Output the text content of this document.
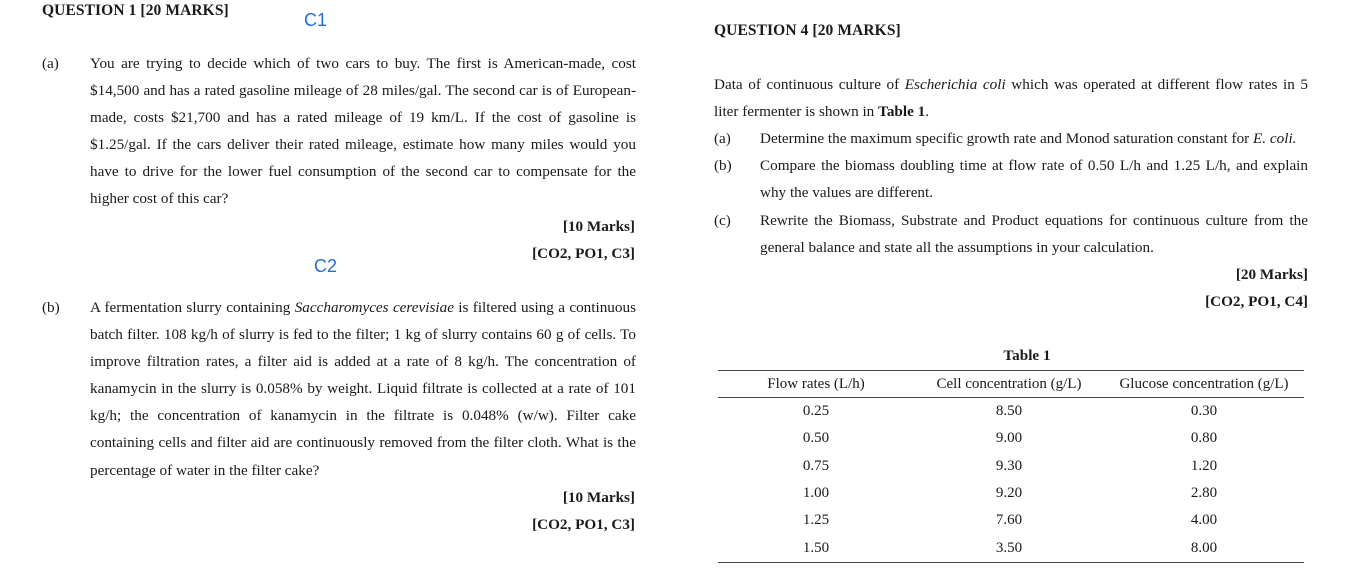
QUESTION 1 [20 MARKS]	C1
(a) You are trying to decide which of two cars to buy. The first is American-made, cost $14,500 and has a rated gasoline mileage of 28 miles/gal. The second car is of European-made, costs $21,700 and has a rated mileage of 19 km/L. If the cost of gasoline is $1.25/gal. If the cars deliver their rated mileage, estimate how many miles would you have to drive for the lower fuel consumption of the second car to compensate for the higher cost of this car?

[10 Marks]
[CO2, PO1, C3]
C2
(b) A fermentation slurry containing Saccharomyces cerevisiae is filtered using a continuous batch filter. 108 kg/h of slurry is fed to the filter; 1 kg of slurry contains 60 g of cells. To improve filtration rates, a filter aid is added at a rate of 8 kg/h. The concentration of kanamycin in the slurry is 0.058% by weight. Liquid filtrate is collected at a rate of 101 kg/h; the concentration of kanamycin in the filtrate is 0.048% (w/w). Filter cake containing cells and filter aid are continuously removed from the filter cloth. What is the percentage of water in the filter cake?

[10 Marks]
[CO2, PO1, C3]
QUESTION 4 [20 MARKS]

Data of continuous culture of Escherichia coli which was operated at different flow rates in 5 liter fermenter is shown in Table 1.

(a) Determine the maximum specific growth rate and Monod saturation constant for E. coli.

(b) Compare the biomass doubling time at flow rate of 0.50 L/h and 1.25 L/h, and explain why the values are different.

(c) Rewrite the Biomass, Substrate and Product equations for continuous culture from the general balance and state all the assumptions in your calculation.

[20 Marks]
[CO2, PO1, C4]
Table 1
Flow rates (L/h)	Cell concentration (g/L)	Glucose concentration (g/L)
0.25	8.50	0.30
0.50	9.00	0.80
0.75	9.30	1.20
1.00	9.20	2.80
1.25	7.60	4.00
1.50	3.50	8.00
